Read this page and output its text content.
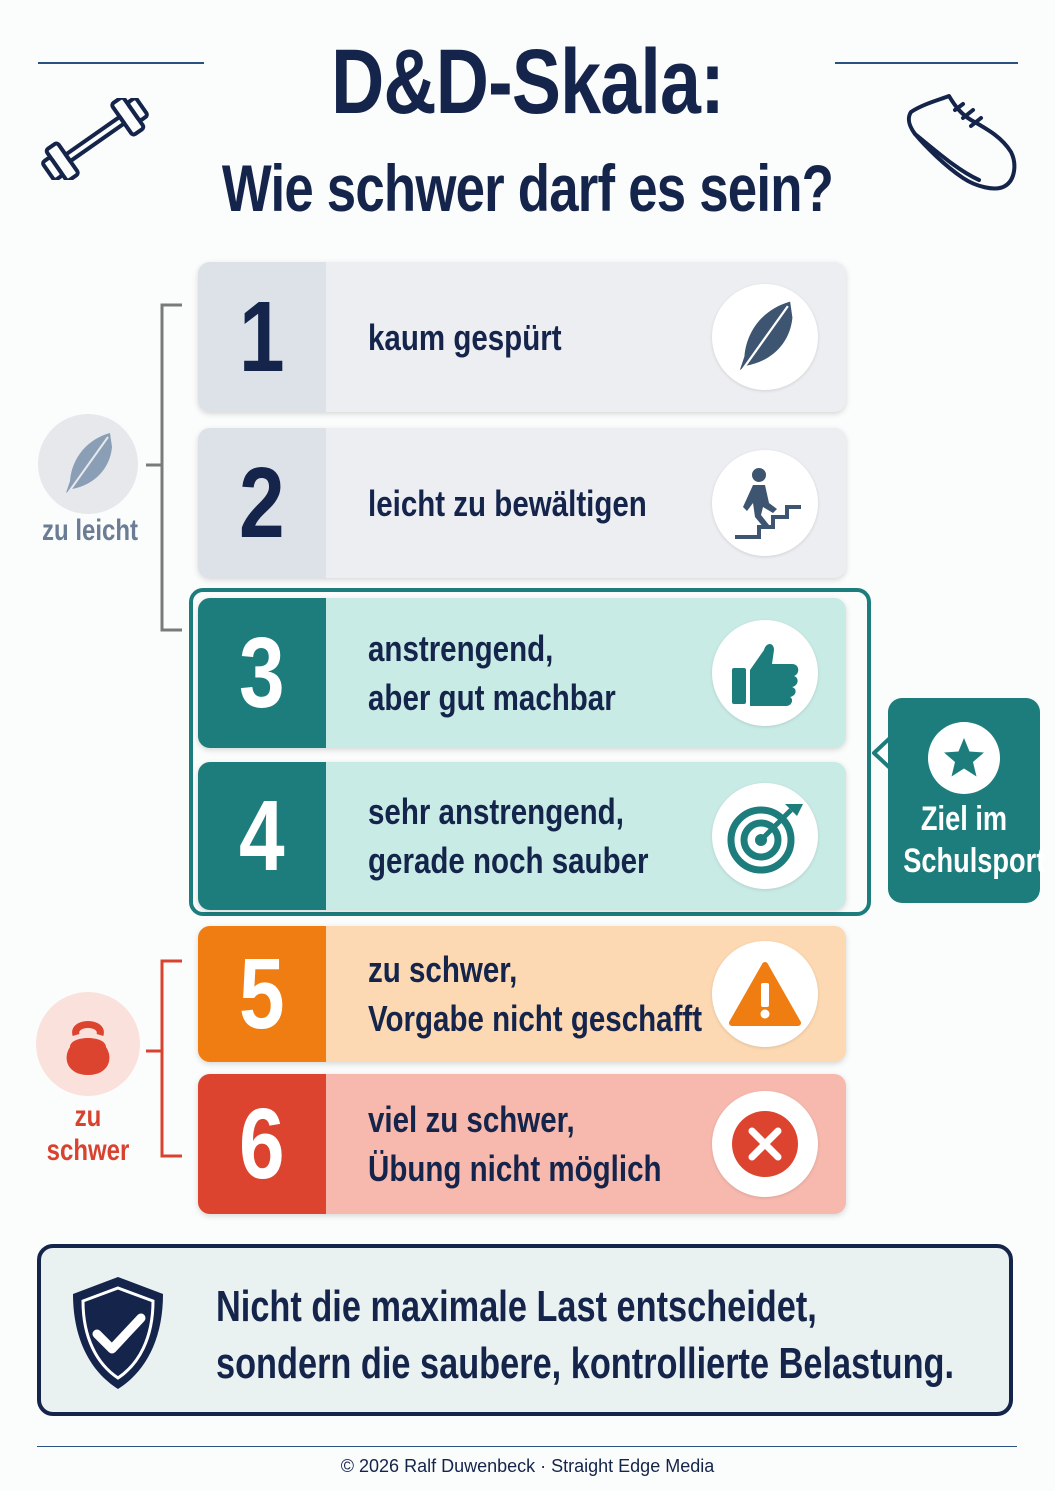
D&D-Skala:
Wie schwer darf es sein?
zu leicht
zu schwer
1 kaum gespürt
2 leicht zu bewältigen
3 anstrengend,
aber gut machbar
4 sehr anstrengend,
gerade noch sauber
5 zu schwer,
Vorgabe nicht geschafft
6 viel zu schwer,
Übung nicht möglich
Ziel im
Schulsport
Nicht die maximale Last entscheidet,
sondern die saubere, kontrollierte Belastung.
© 2026 Ralf Duwenbeck · Straight Edge Media
